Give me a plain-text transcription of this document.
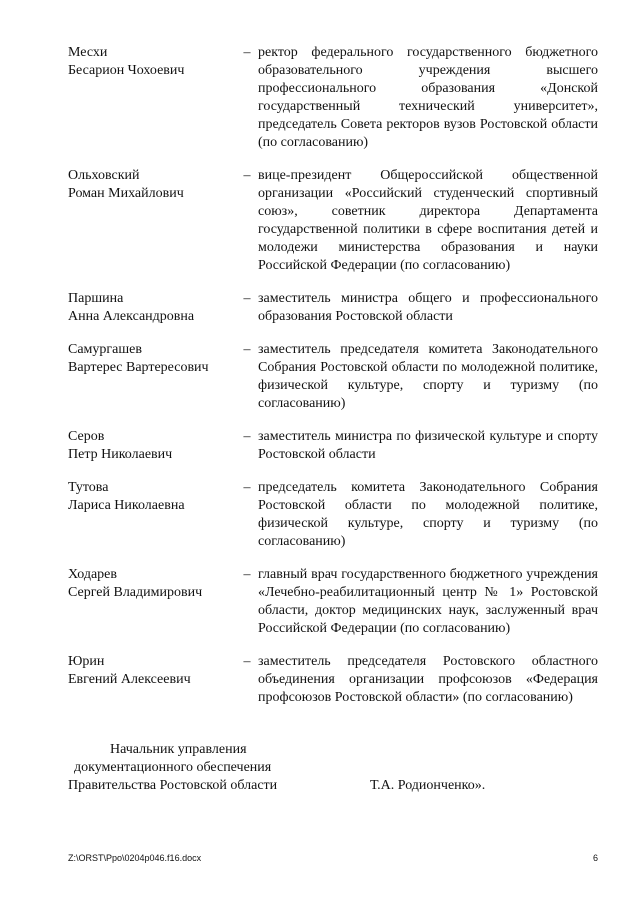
Месхи
Бесарион Чохоевич
– ректор федерального государственного бюджетного образовательного учреждения высшего профессионального образования «Донской государственный технический университет», председатель Совета ректоров вузов Ростовской области (по согласованию)
Ольховский
Роман Михайлович
– вице-президент Общероссийской общественной организации «Российский студенческий спортивный союз», советник директора Департамента государственной политики в сфере воспитания детей и молодежи министерства образования и науки Российской Федерации (по согласованию)
Паршина
Анна Александровна
– заместитель министра общего и профессионального образования Ростовской области
Самургашев
Вартерес Вартересович
– заместитель председателя комитета Законодательного Собрания Ростовской области по молодежной политике, физической культуре, спорту и туризму (по согласованию)
Серов
Петр Николаевич
– заместитель министра по физической культуре и спорту Ростовской области
Тутова
Лариса Николаевна
– председатель комитета Законодательного Собрания Ростовской области по молодежной политике, физической культуре, спорту и туризму (по согласованию)
Ходарев
Сергей Владимирович
– главный врач государственного бюджетного учреждения «Лечебно-реабилитационный центр № 1» Ростовской области, доктор медицинских наук, заслуженный врач Российской Федерации (по согласованию)
Юрин
Евгений Алексеевич
– заместитель председателя Ростовского областного объединения организации профсоюзов «Федерация профсоюзов Ростовской области» (по согласованию)
Начальник управления
документационного обеспечения
Правительства Ростовской области	Т.А. Родионченко».
Z:\ORST\Ppo\0204p046.f16.docx	6
